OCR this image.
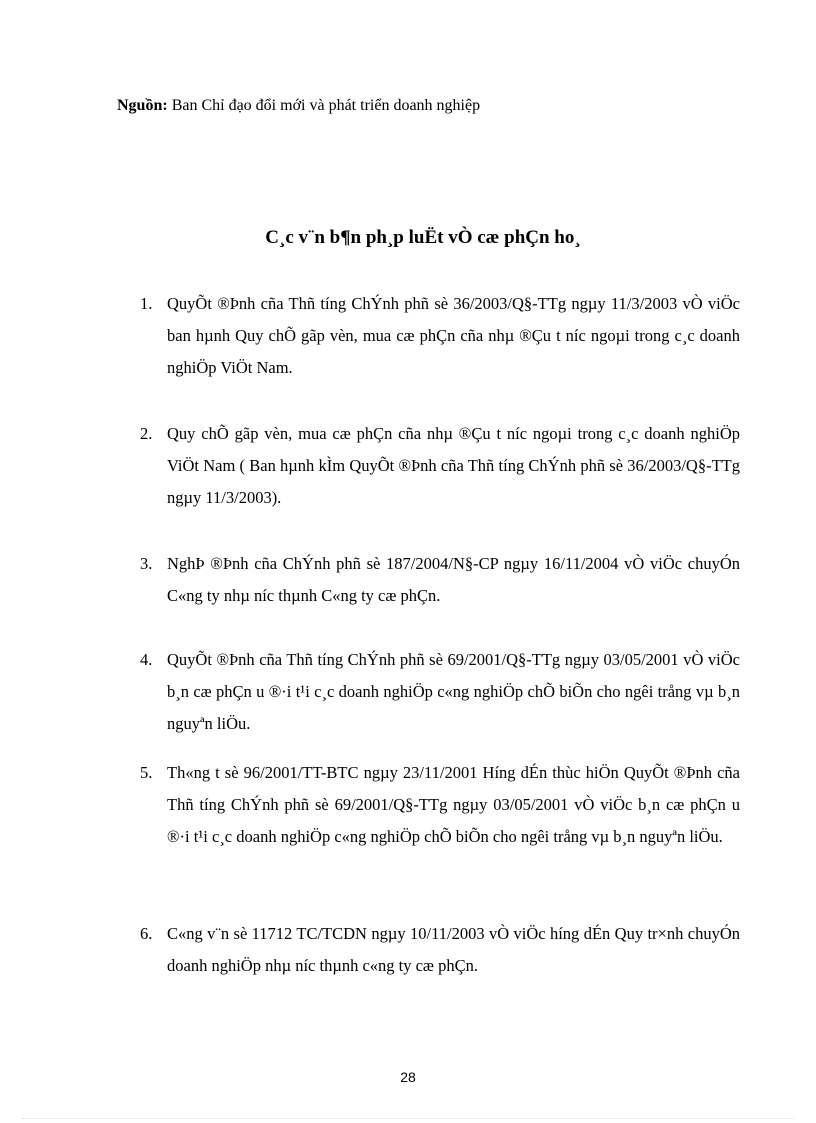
Nguồn: Ban Chỉ đạo đổi mới và phát triển doanh nghiệp
C¸c v¨n b¶n ph¸p luËt vÒ cæ phÇn ho¸
1. QuyÕt ®Þnh cña Thñ tíng ChÝnh phñ sè 36/2003/Q§-TTg ngµy 11/3/2003 vÒ viÖc ban hµnh Quy chÕ gãp vèn, mua cæ phÇn cña nhµ ®Çu t níc ngoµi trong c¸c doanh nghiÖp ViÖt Nam.
2. Quy chÕ gãp vèn, mua cæ phÇn cña nhµ ®Çu t níc ngoµi trong c¸c doanh nghiÖp ViÖt Nam ( Ban hµnh kÌm QuyÕt ®Þnh cña Thñ tíng ChÝnh phñ sè 36/2003/Q§-TTg ngµy 11/3/2003).
3. NghÞ ®Þnh cña ChÝnh phñ sè 187/2004/N§-CP ngµy 16/11/2004 vÒ viÖc chuyÓn C«ng ty nhµ níc thµnh C«ng ty cæ phÇn.
4. QuyÕt ®Þnh cña Thñ tíng ChÝnh phñ sè 69/2001/Q§-TTg ngµy 03/05/2001 vÒ viÖc b¸n cæ phÇn u ®·i t¹i c¸c doanh nghiÖp c«ng nghiÖp chÕ biÕn cho ngêi trång vµ b¸n nguyªn liÖu.
5. Th«ng t sè 96/2001/TT-BTC ngµy 23/11/2001 Híng dÉn thùc hiÖn QuyÕt ®Þnh cña Thñ tíng ChÝnh phñ sè 69/2001/Q§-TTg ngµy 03/05/2001 vÒ viÖc b¸n cæ phÇn u ®·i t¹i c¸c doanh nghiÖp c«ng nghiÖp chÕ biÕn cho ngêi trång vµ b¸n nguyªn liÖu.
6. C«ng v¨n sè 11712 TC/TCDN ngµy 10/11/2003 vÒ viÖc híng dÉn Quy tr×nh chuyÓn doanh nghiÖp nhµ níc thµnh c«ng ty cæ phÇn.
28
